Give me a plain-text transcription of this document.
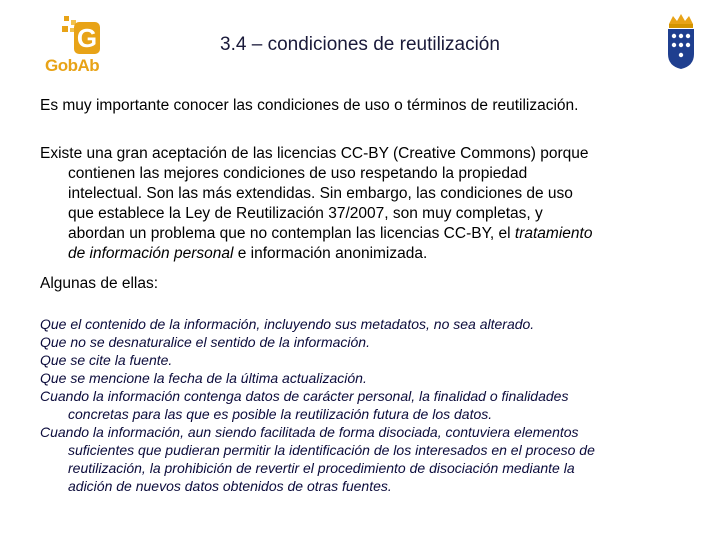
G
GobAb
3.4 – condiciones de reutilización

Es muy importante conocer las condiciones de uso o términos de reutilización.

Existe una gran aceptación de las licencias CC-BY (Creative Commons) porque
contienen las mejores condiciones de uso respetando la propiedad
intelectual. Son las más extendidas. Sin embargo, las condiciones de uso
que establece la Ley de Reutilización 37/2007, son muy completas, y
abordan un problema que no contemplan las licencias CC-BY, el tratamiento
de información personal e información anonimizada.

Algunas de ellas:

Que el contenido de la información, incluyendo sus metadatos, no sea alterado.
Que no se desnaturalice el sentido de la información.
Que se cite la fuente.
Que se mencione la fecha de la última actualización.
Cuando la información contenga datos de carácter personal, la finalidad o finalidades
concretas para las que es posible la reutilización futura de los datos.
Cuando la información, aun siendo facilitada de forma disociada, contuviera elementos
suficientes que pudieran permitir la identificación de los interesados en el proceso de
reutilización, la prohibición de revertir el procedimiento de disociación mediante la
adición de nuevos datos obtenidos de otras fuentes.
